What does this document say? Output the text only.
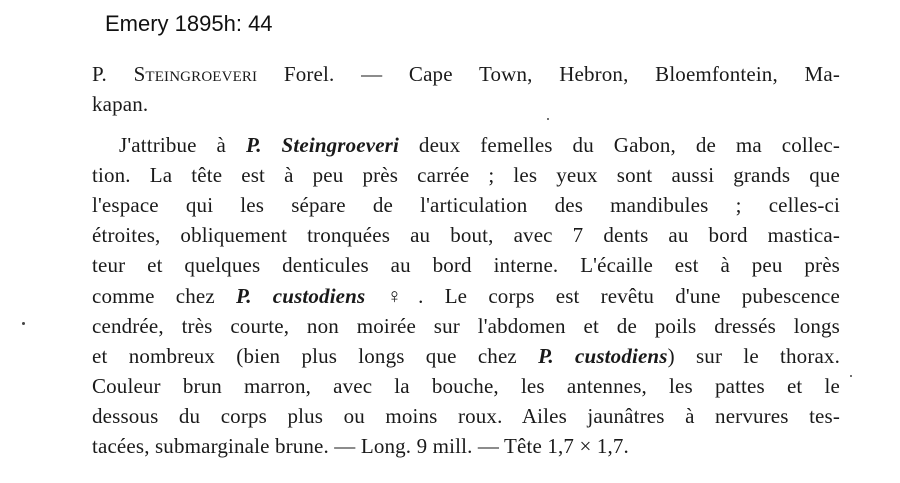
Emery 1895h: 44
P. Steingroeveri Forel. — Cape Town, Hebron, Bloemfontein, Ma-
kapan.
J'attribue à P. Steingroeveri deux femelles du Gabon, de ma collec-
tion. La tête est à peu près carrée ; les yeux sont aussi grands que
l'espace qui les sépare de l'articulation des mandibules ; celles-ci
étroites, obliquement tronquées au bout, avec 7 dents au bord mastica-
teur et quelques denticules au bord interne. L'écaille est à peu près
comme chez P. custodiens ♀. Le corps est revêtu d'une pubescence
cendrée, très courte, non moirée sur l'abdomen et de poils dressés longs
et nombreux (bien plus longs que chez P. custodiens) sur le thorax.
Couleur brun marron, avec la bouche, les antennes, les pattes et le
dessous du corps plus ou moins roux. Ailes jaunâtres à nervures tes-
tacées, submarginale brune. — Long. 9 mill. — Tête 1,7 × 1,7.
